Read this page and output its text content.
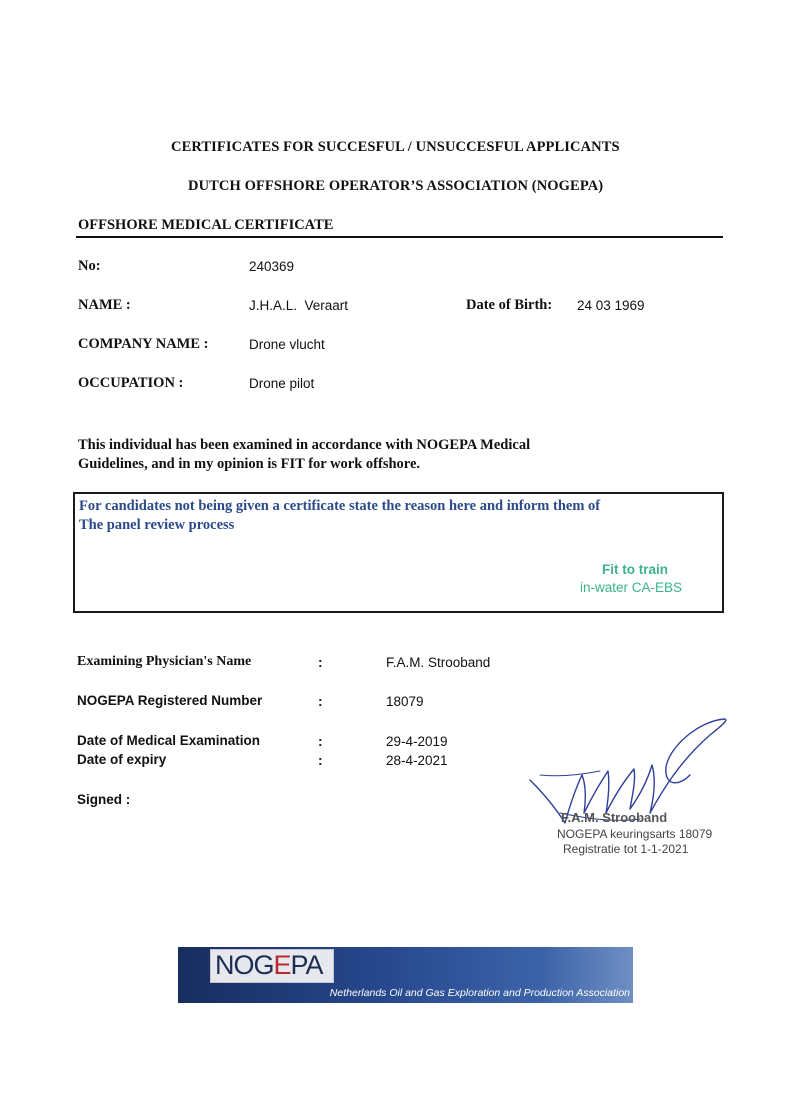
CERTIFICATES FOR SUCCESFUL / UNSUCCESFUL APPLICANTS
DUTCH OFFSHORE OPERATOR’S ASSOCIATION (NOGEPA)
OFFSHORE MEDICAL CERTIFICATE
No:	240369
NAME :	J.H.A.L.  Veraart	Date of Birth: 24 03 1969
COMPANY NAME :	Drone vlucht
OCCUPATION :	Drone pilot
This individual has been examined in accordance with NOGEPA Medical Guidelines, and in my opinion is FIT for work offshore.
For candidates not being given a certificate state the reason here and inform them of
The panel review process
Fit to train
in-water CA-EBS
Examining Physician's Name	:	F.A.M. Strooband
NOGEPA Registered Number	:	18079
Date of Medical Examination	:	29-4-2019
Date of expiry	:	28-4-2021
Signed :
F.A.M. Strooband
NOGEPA keuringsarts 18079
Registratie tot 1-1-2021
NOGEPA
Netherlands Oil and Gas Exploration and Production Association
